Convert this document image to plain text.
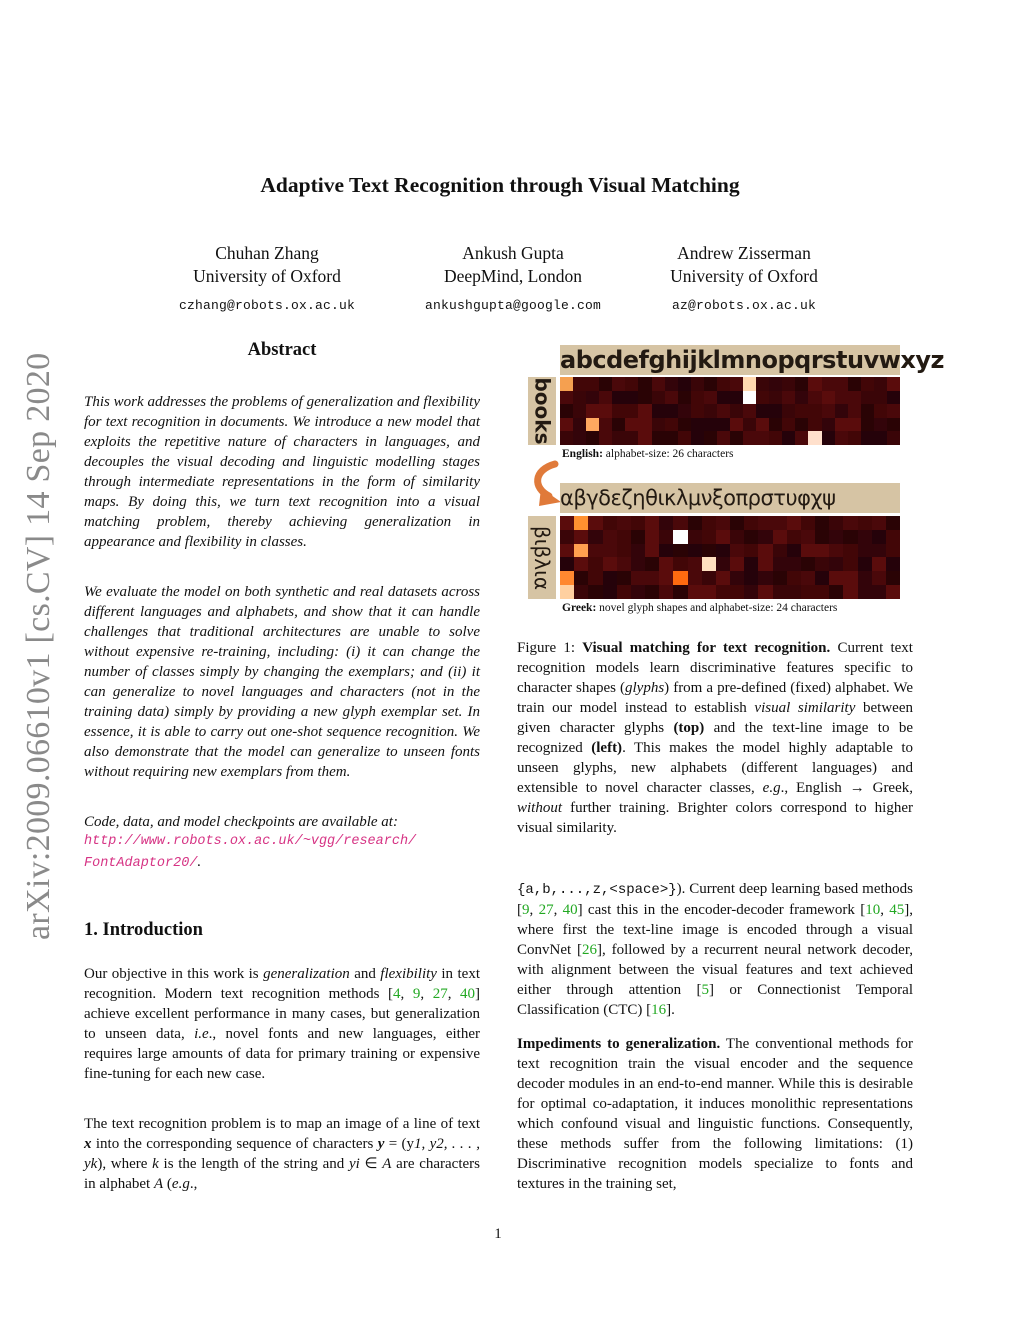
Adaptive Text Recognition through Visual Matching
Chuhan Zhang
University of Oxford
czhang@robots.ox.ac.uk
Ankush Gupta
DeepMind, London
ankushgupta@google.com
Andrew Zisserman
University of Oxford
az@robots.ox.ac.uk
arXiv:2009.06610v1 [cs.CV] 14 Sep 2020
Abstract
This work addresses the problems of generalization and flexibility for text recognition in documents. We introduce a new model that exploits the repetitive nature of characters in languages, and decouples the visual decoding and linguistic modelling stages through intermediate representations in the form of similarity maps. By doing this, we turn text recognition into a visual matching problem, thereby achieving generalization in appearance and flexibility in classes.
We evaluate the model on both synthetic and real datasets across different languages and alphabets, and show that it can handle challenges that traditional architectures are unable to solve without expensive re-training, including: (i) it can change the number of classes simply by changing the exemplars; and (ii) it can generalize to novel languages and characters (not in the training data) simply by providing a new glyph exemplar set. In essence, it is able to carry out one-shot sequence recognition. We also demonstrate that the model can generalize to unseen fonts without requiring new exemplars from them.
Code, data, and model checkpoints are available at:
http://www.robots.ox.ac.uk/~vgg/research/
FontAdaptor20/.
1. Introduction
Our objective in this work is generalization and flexibility in text recognition. Modern text recognition methods [4, 9, 27, 40] achieve excellent performance in many cases, but generalization to unseen data, i.e., novel fonts and new languages, either requires large amounts of data for primary training or expensive fine-tuning for each new case.
The text recognition problem is to map an image of a line of text x into the corresponding sequence of characters y = (y1, y2, . . . , yk), where k is the length of the string and yi ∈ A are characters in alphabet A (e.g.,
abcdefghijklmnopqrstuvwxyz
books
English: alphabet-size: 26 characters
αβγδεζηθικλμνξοπρστυφχψ
βιβλια
Greek: novel glyph shapes and alphabet-size: 24 characters
Figure 1: Visual matching for text recognition. Current text recognition models learn discriminative features specific to character shapes (glyphs) from a pre-defined (fixed) alphabet. We train our model instead to establish visual similarity between given character glyphs (top) and the text-line image to be recognized (left). This makes the model highly adaptable to unseen glyphs, new alphabets (different languages) and extensible to novel character classes, e.g., English → Greek, without further training. Brighter colors correspond to higher visual similarity.
{a,b,...,z,<space>}). Current deep learning based methods [9, 27, 40] cast this in the encoder-decoder framework [10, 45], where first the text-line image is encoded through a visual ConvNet [26], followed by a recurrent neural network decoder, with alignment between the visual features and text achieved either through attention [5] or Connectionist Temporal Classification (CTC) [16].
Impediments to generalization. The conventional methods for text recognition train the visual encoder and the sequence decoder modules in an end-to-end manner. While this is desirable for optimal co-adaptation, it induces monolithic representations which confound visual and linguistic functions. Consequently, these methods suffer from the following limitations: (1) Discriminative recognition models specialize to fonts and textures in the training set,
1
